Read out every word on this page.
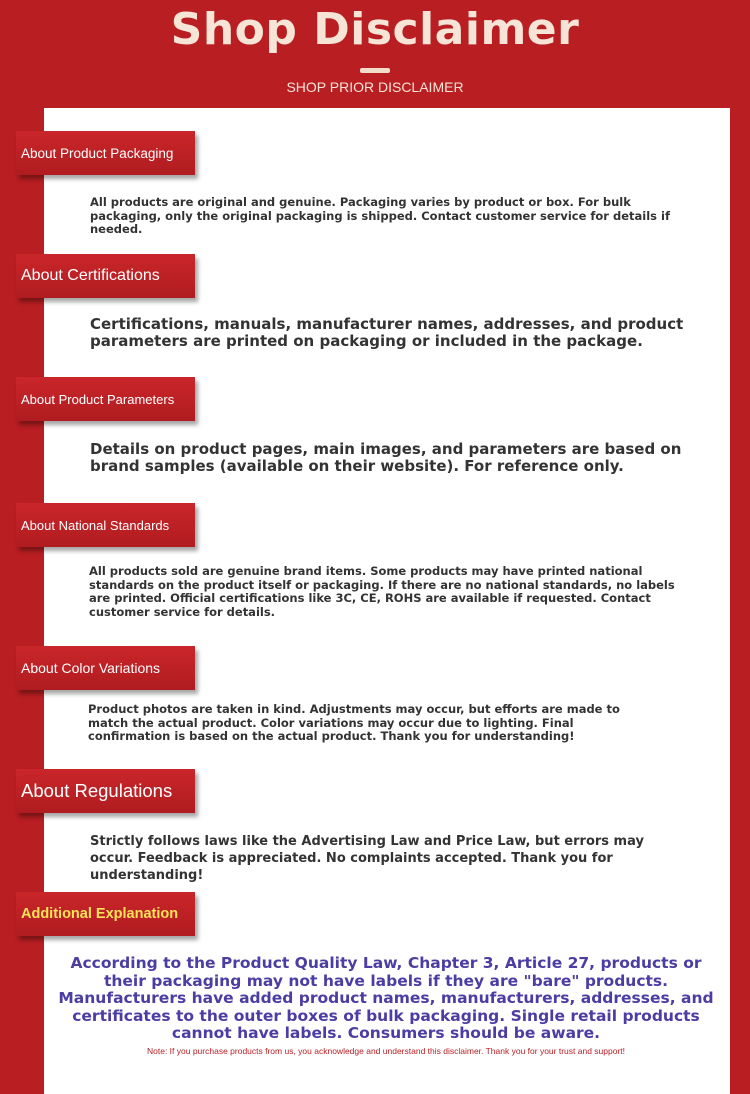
Shop Disclaimer
SHOP PRIOR DISCLAIMER
About Product Packaging
All products are original and genuine. Packaging varies by product or box. For bulk packaging, only the original packaging is shipped. Contact customer service for details if needed.
About Certifications
Certifications, manuals, manufacturer names, addresses, and product parameters are printed on packaging or included in the package.
About Product Parameters
Details on product pages, main images, and parameters are based on brand samples (available on their website). For reference only.
About National Standards
All products sold are genuine brand items. Some products may have printed national standards on the product itself or packaging. If there are no national standards, no labels are printed. Official certifications like 3C, CE, ROHS are available if requested. Contact customer service for details.
About Color Variations
Product photos are taken in kind. Adjustments may occur, but efforts are made to match the actual product. Color variations may occur due to lighting. Final confirmation is based on the actual product. Thank you for understanding!
About Regulations
Strictly follows laws like the Advertising Law and Price Law, but errors may occur. Feedback is appreciated. No complaints accepted. Thank you for understanding!
Additional Explanation
According to the Product Quality Law, Chapter 3, Article 27, products or their packaging may not have labels if they are "bare" products. Manufacturers have added product names, manufacturers, addresses, and certificates to the outer boxes of bulk packaging. Single retail products cannot have labels. Consumers should be aware.
Note: If you purchase products from us, you acknowledge and understand this disclaimer. Thank you for your trust and support!
